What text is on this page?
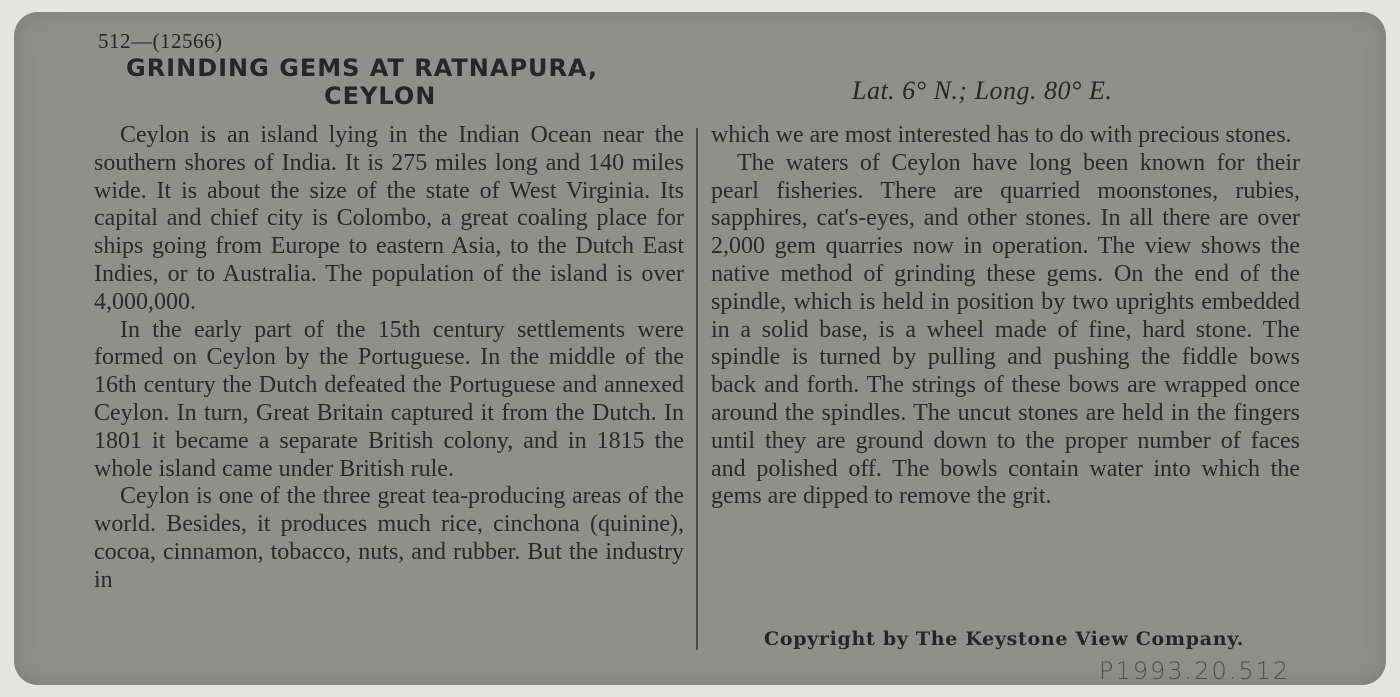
512—(12566)
GRINDING GEMS AT RATNAPURA,
CEYLON	Lat. 6° N.; Long. 80° E.

Ceylon is an island lying in the Indian Ocean near the southern shores of India. It is 275 miles long and 140 miles wide. It is about the size of the state of West Virginia. Its capital and chief city is Colombo, a great coaling place for ships going from Europe to eastern Asia, to the Dutch East Indies, or to Australia. The population of the island is over 4,000,000.

In the early part of the 15th century settlements were formed on Ceylon by the Portuguese. In the middle of the 16th century the Dutch defeated the Portuguese and annexed Ceylon. In turn, Great Britain captured it from the Dutch. In 1801 it became a separate British colony, and in 1815 the whole island came under British rule.

Ceylon is one of the three great tea-producing areas of the world. Besides, it produces much rice, cinchona (quinine), cocoa, cinnamon, tobacco, nuts, and rubber. But the industry in

which we are most interested has to do with precious stones.

The waters of Ceylon have long been known for their pearl fisheries. There are quarried moonstones, rubies, sapphires, cat's-eyes, and other stones. In all there are over 2,000 gem quarries now in operation. The view shows the native method of grinding these gems. On the end of the spindle, which is held in position by two uprights embedded in a solid base, is a wheel made of fine, hard stone. The spindle is turned by pulling and pushing the fiddle bows back and forth. The strings of these bows are wrapped once around the spindles. The uncut stones are held in the fingers until they are ground down to the proper number of faces and polished off. The bowls contain water into which the gems are dipped to remove the grit.

Copyright by The Keystone View Company.
P1993.20.512
